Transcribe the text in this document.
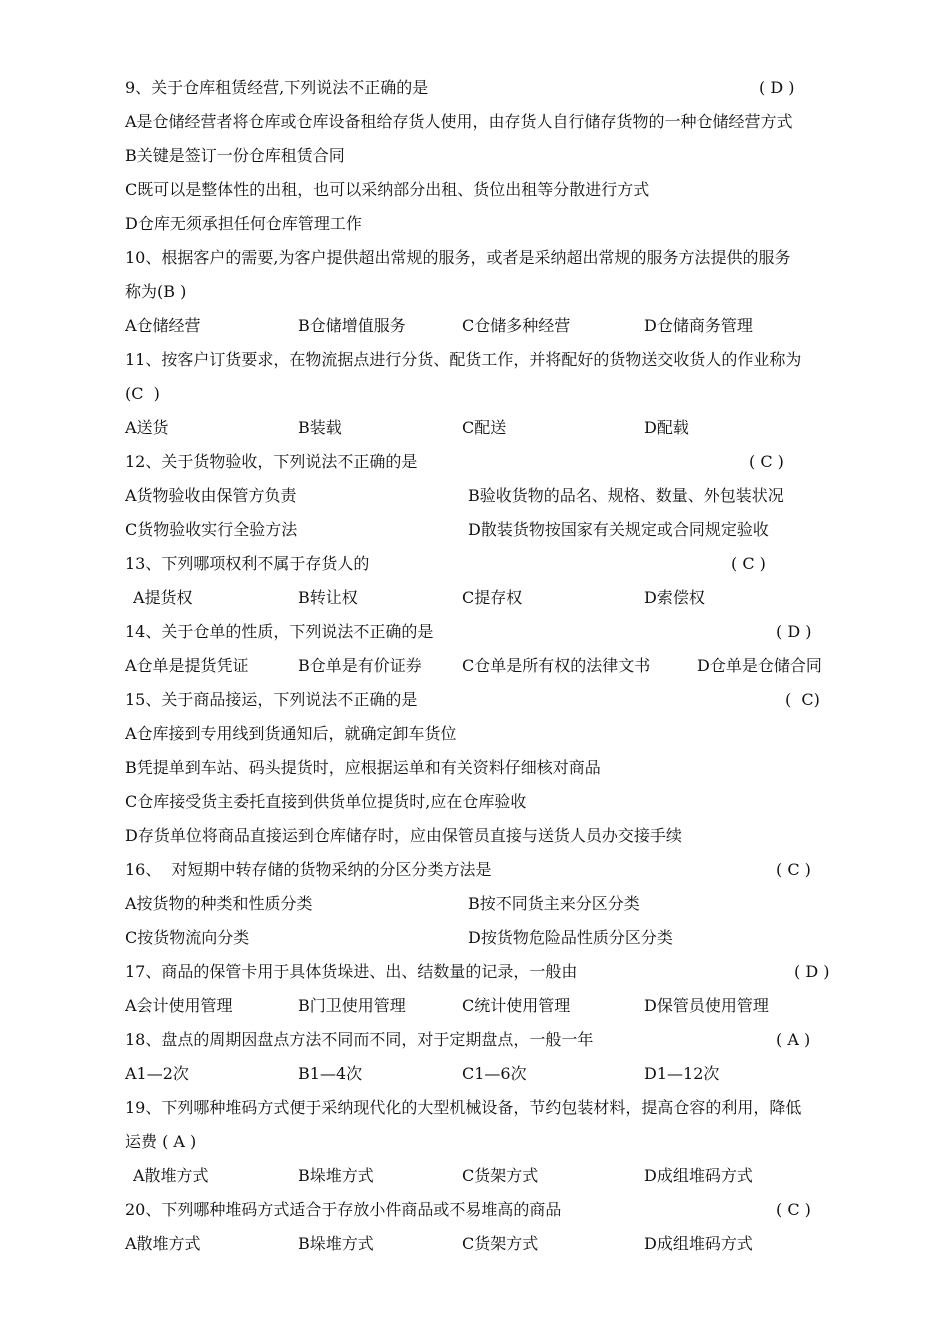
9、关于仓库租赁经营,下列说法不正确的是	( D )
A是仓储经营者将仓库或仓库设备租给存货人使用，由存货人自行储存货物的一种仓储经营方式
B关键是签订一份仓库租赁合同
C既可以是整体性的出租，也可以采纳部分出租、货位出租等分散进行方式
D仓库无须承担任何仓库管理工作
10、根据客户的需要,为客户提供超出常规的服务，或者是采纳超出常规的服务方法提供的服务
称为(B )
A仓储经营	B仓储增值服务	C仓储多种经营	D仓储商务管理
11、按客户订货要求，在物流据点进行分货、配货工作，并将配好的货物送交收货人的作业称为
(C  )
A送货	B装载	C配送	D配载
12、关于货物验收，下列说法不正确的是	( C )
A货物验收由保管方负责	B验收货物的品名、规格、数量、外包装状况
C货物验收实行全验方法	D散装货物按国家有关规定或合同规定验收
13、下列哪项权利不属于存货人的	( C )
A提货权	B转让权	C提存权	D索偿权
14、关于仓单的性质，下列说法不正确的是	( D )
A仓单是提货凭证	B仓单是有价证券	C仓单是所有权的法律文书	D仓单是仓储合同
15、关于商品接运，下列说法不正确的是	(  C)
A仓库接到专用线到货通知后，就确定卸车货位
B凭提单到车站、码头提货时，应根据运单和有关资料仔细核对商品
C仓库接受货主委托直接到供货单位提货时,应在仓库验收
D存货单位将商品直接运到仓库储存时，应由保管员直接与送货人员办交接手续
16、  对短期中转存储的货物采纳的分区分类方法是	( C )
A按货物的种类和性质分类	B按不同货主来分区分类
C按货物流向分类	D按货物危险品性质分区分类
17、商品的保管卡用于具体货垛进、出、结数量的记录，一般由	( D )
A会计使用管理	B门卫使用管理	C统计使用管理	D保管员使用管理
18、盘点的周期因盘点方法不同而不同，对于定期盘点，一般一年	( A )
A1—2次	B1—4次	C1—6次	D1—12次
19、下列哪种堆码方式便于采纳现代化的大型机械设备，节约包装材料，提高仓容的利用，降低
运费 ( A )
A散堆方式	B垛堆方式	C货架方式	D成组堆码方式
20、下列哪种堆码方式适合于存放小件商品或不易堆高的商品	( C )
A散堆方式	B垛堆方式	C货架方式	D成组堆码方式
